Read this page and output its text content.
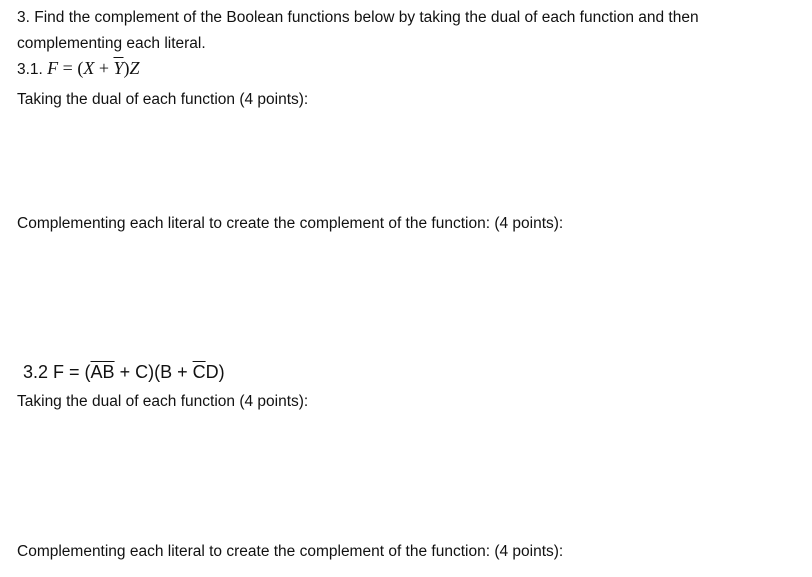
3. Find the complement of the Boolean functions below by taking the dual of each function and then
complementing each literal.
3.1. $F = (X + \overline{Y})Z$
Taking the dual of each function (4 points):
Complementing each literal to create the complement of the function: (4 points):
3.2 $F = (\overline{A}\overline{B} + C)(B + \overline{C}D)$
Taking the dual of each function (4 points):
Complementing each literal to create the complement of the function: (4 points):
